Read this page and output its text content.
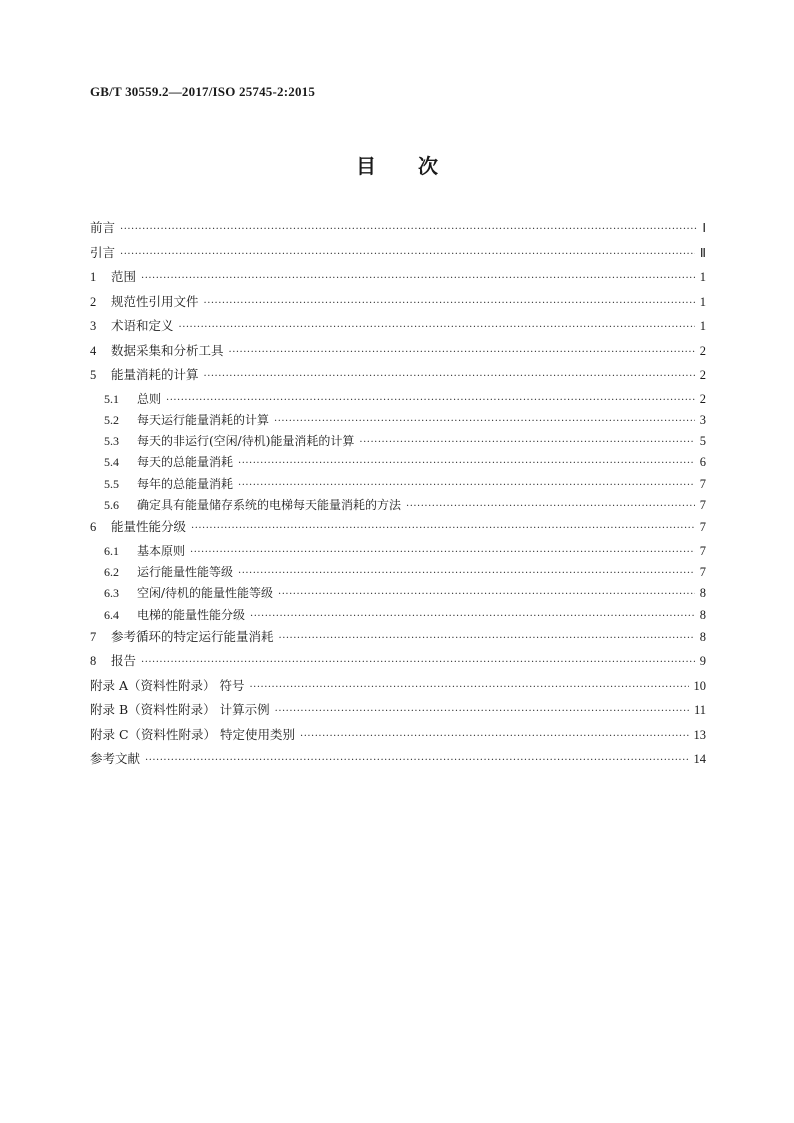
GB/T 30559.2—2017/ISO 25745-2:2015
目次
前言 ·····	Ⅰ
引言 ·····	Ⅱ
1 范围 ·····	1
2 规范性引用文件 ·····	1
3 术语和定义 ·····	1
4 数据采集和分析工具 ·····	2
5 能量消耗的计算 ·····	2
5.1 总则 ·····	2
5.2 每天运行能量消耗的计算 ·····	3
5.3 每天的非运行(空闲/待机)能量消耗的计算 ·····	5
5.4 每天的总能量消耗 ·····	6
5.5 每年的总能量消耗 ·····	7
5.6 确定具有能量储存系统的电梯每天能量消耗的方法 ·····	7
6 能量性能分级 ·····	7
6.1 基本原则 ·····	7
6.2 运行能量性能等级 ·····	7
6.3 空闲/待机的能量性能等级 ·····	8
6.4 电梯的能量性能分级 ·····	8
7 参考循环的特定运行能量消耗 ·····	8
8 报告 ·····	9
附录 A（资料性附录） 符号 ·····	10
附录 B（资料性附录） 计算示例 ·····	11
附录 C（资料性附录） 特定使用类别 ·····	13
参考文献 ·····	14
